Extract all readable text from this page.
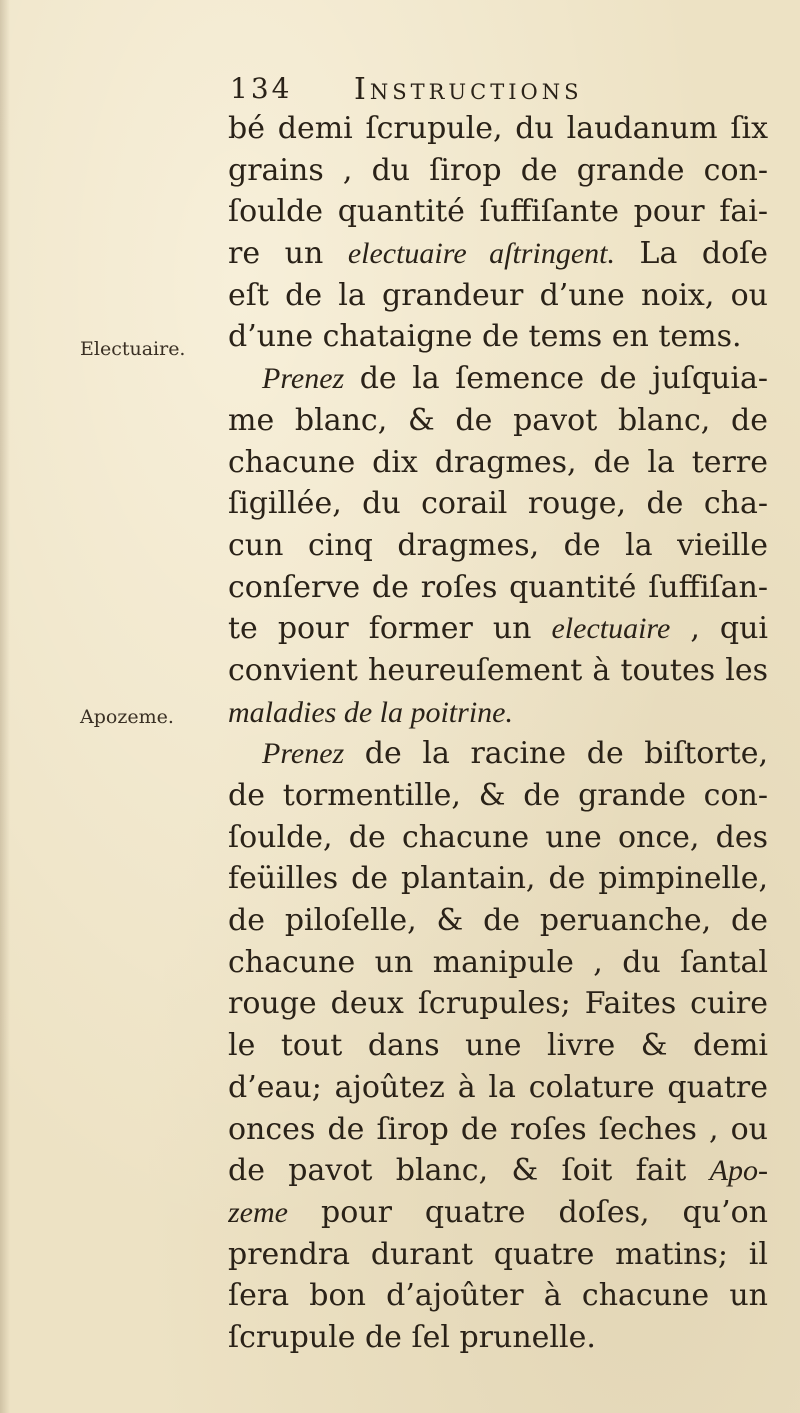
134 Instructions
Electuaire.
Apozeme.
bé demi ſcrupule, du laudanum ſix
grains , du ſirop de grande con-
ſoulde quantité ſuffiſante pour fai-
re un electuaire aſtringent. La doſe
eſt de la grandeur d’une noix, ou
d’une chataigne de tems en tems.
Prenez de la ſemence de juſquia-
me blanc, & de pavot blanc, de
chacune dix dragmes, de la terre
ſigillée, du corail rouge, de cha-
cun cinq dragmes, de la vieille
conſerve de roſes quantité ſuffiſan-
te pour former un electuaire , qui
convient heureuſement à toutes les
maladies de la poitrine.
Prenez de la racine de biſtorte,
de tormentille, & de grande con-
ſoulde, de chacune une once, des
feüilles de plantain, de pimpinelle,
de piloſelle, & de peruanche, de
chacune un manipule , du ſantal
rouge deux ſcrupules; Faites cuire
le tout dans une livre & demi
d’eau; ajoûtez à la colature quatre
onces de ſirop de roſes ſeches , ou
de pavot blanc, & ſoit fait Apo-
zeme pour quatre doſes, qu’on
prendra durant quatre matins; il
ſera bon d’ajoûter à chacune un
ſcrupule de ſel prunelle.
